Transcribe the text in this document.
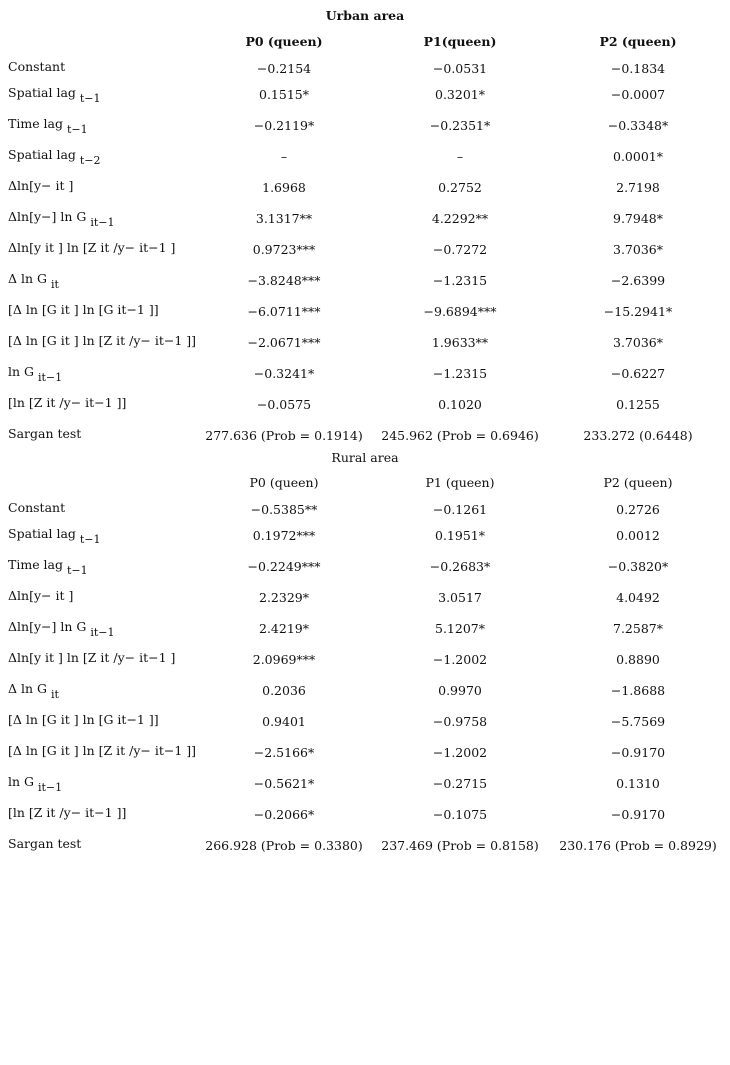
Urban area
P0 (queen)	P1(queen)	P2 (queen)
Constant	−0.2154	−0.0531	−0.1834
Spatial lag $_{t-1}$	0.1515*	0.3201*	−0.0007
Time lag $_{t-1}$	−0.2119*	−0.2351*	−0.3348*
Spatial lag $_{t-2}$	–	–	0.0001*
Δln[y− it ]	1.6968	0.2752	2.7198
Δln[y−] ln G $_{it-1}$	3.1317**	4.2292**	9.7948*
Δln[y it ] ln [Z it /y− it−1 ]	0.9723***	−0.7272	3.7036*
Δ ln G $_{it}$	−3.8248***	−1.2315	−2.6399
[Δ ln [G it ] ln [G it−1 ]]	−6.0711***	−9.6894***	−15.2941*
[Δ ln [G it ] ln [Z it /y− it−1 ]]	−2.0671***	1.9633**	3.7036*
ln G $_{it-1}$	−0.3241*	−1.2315	−0.6227
[ln [Z it /y− it−1 ]]	−0.0575	0.1020	0.1255
Sargan test	277.636 (Prob = 0.1914)	245.962 (Prob = 0.6946)	233.272 (0.6448)
Rural area
P0 (queen)	P1 (queen)	P2 (queen)
Constant	−0.5385**	−0.1261	0.2726
Spatial lag $_{t-1}$	0.1972***	0.1951*	0.0012
Time lag $_{t-1}$	−0.2249***	−0.2683*	−0.3820*
Δln[y− it ]	2.2329*	3.0517	4.0492
Δln[y−] ln G $_{it-1}$	2.4219*	5.1207*	7.2587*
Δln[y it ] ln [Z it /y− it−1 ]	2.0969***	−1.2002	0.8890
Δ ln G $_{it}$	0.2036	0.9970	−1.8688
[Δ ln [G it ] ln [G it−1 ]]	0.9401	−0.9758	−5.7569
[Δ ln [G it ] ln [Z it /y− it−1 ]]	−2.5166*	−1.2002	−0.9170
ln G $_{it-1}$	−0.5621*	−0.2715	0.1310
[ln [Z it /y− it−1 ]]	−0.2066*	−0.1075	−0.9170
Sargan test	266.928 (Prob = 0.3380)	237.469 (Prob = 0.8158)	230.176 (Prob = 0.8929)
